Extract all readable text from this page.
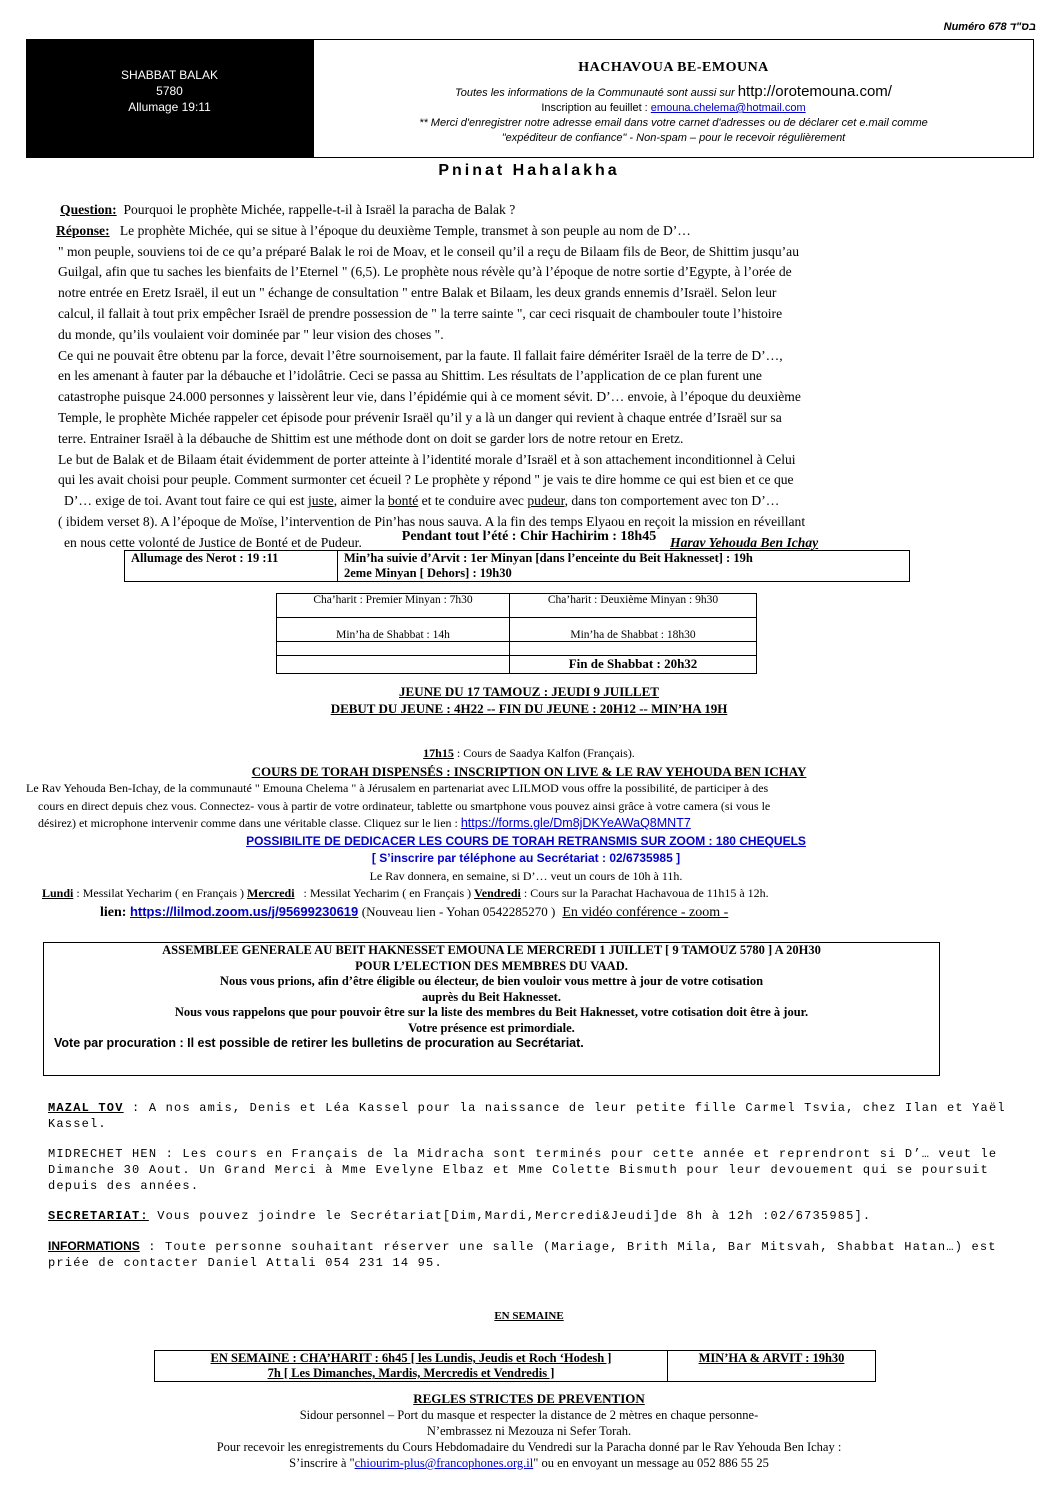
Numéro 678 בס"ד
SHABBAT BALAK
5780
Allumage 19:11
HACHAVOUA BE-EMOUNA
Toutes les informations de la Communauté sont aussi sur http://orotemouna.com/
Inscription au feuillet : emouna.chelema@hotmail.com
** Merci d'enregistrer notre adresse email dans votre carnet d'adresses ou de déclarer cet e.mail comme
"expéditeur de confiance" - Non-spam – pour le recevoir régulièrement
Pninat Hahalakha

Question: Pourquoi le prophète Michée, rappelle-t-il à Israël la paracha de Balak ?

Réponse: Le prophète Michée, qui se situe à l’époque du deuxième Temple, transmet à son peuple au nom de D’…

" mon peuple, souviens toi de ce qu’a préparé Balak le roi de Moav, et le conseil qu’il a reçu de Bilaam fils de Beor, de Shittim jusqu’au

Guilgal, afin que tu saches les bienfaits de l’Eternel " (6,5). Le prophète nous révèle qu’à l’époque de notre sortie d’Egypte, à l’orée de

notre entrée en Eretz Israël, il eut un " échange de consultation " entre Balak et Bilaam, les deux grands ennemis d’Israël. Selon leur

calcul, il fallait à tout prix empêcher Israël de prendre possession de " la terre sainte ", car ceci risquait de chambouler toute l’histoire

du monde, qu’ils voulaient voir dominée par " leur vision des choses ".

Ce qui ne pouvait être obtenu par la force, devait l’être sournoisement, par la faute. Il fallait faire démériter Israël de la terre de D’…,

en les amenant à fauter par la débauche et l’idolâtrie. Ceci se passa au Shittim. Les résultats de l’application de ce plan furent une

catastrophe puisque 24.000 personnes y laissèrent leur vie, dans l’épidémie qui à ce moment sévit. D’… envoie, à l’époque du deuxième

Temple, le prophète Michée rappeler cet épisode pour prévenir Israël qu’il y a là un danger qui revient à chaque entrée d’Israël sur sa

terre. Entrainer Israël à la débauche de Shittim est une méthode dont on doit se garder lors de notre retour en Eretz.

Le but de Balak et de Bilaam était évidemment de porter atteinte à l’identité morale d’Israël et à son attachement inconditionnel à Celui

qui les avait choisi pour peuple. Comment surmonter cet écueil ? Le prophète y répond " je vais te dire homme ce qui est bien et ce que

D’… exige de toi. Avant tout faire ce qui est juste, aimer la bonté et te conduire avec pudeur, dans ton comportement avec ton D’…

( ibidem verset 8). A l’époque de Moïse, l’intervention de Pin’has nous sauva. A la fin des temps Elyaou en reçoit la mission en réveillant

en nous cette volonté de Justice de Bonté et de Pudeur.	Harav Yehouda Ben Ichay

Pendant tout l’été : Chir Hachirim : 18h45
Allumage des Nerot : 19 :11	Min’ha suivie d’Arvit : 1er Minyan [dans l’enceinte du Beit Haknesset] : 19h
2eme Minyan [ Dehors] : 19h30
Cha’harit : Premier Minyan : 7h30	Cha’harit : Deuxième Minyan : 9h30
Min’ha de Shabbat : 14h	Min’ha de Shabbat : 18h30

	Fin de Shabbat : 20h32
JEUNE DU 17 TAMOUZ : JEUDI 9 JUILLET
DEBUT DU JEUNE : 4H22 -- FIN DU JEUNE : 20H12 -- MIN’HA 19H
17h15 : Cours de Saadya Kalfon (Français).
COURS DE TORAH DISPENSÉS : INSCRIPTION ON LIVE & LE RAV YEHOUDA BEN ICHAY
Le Rav Yehouda Ben-Ichay, de la communauté " Emouna Chelema " à Jérusalem en partenariat avec LILMOD vous offre la possibilité, de participer à des
cours en direct depuis chez vous. Connectez- vous à partir de votre ordinateur, tablette ou smartphone vous pouvez ainsi grâce à votre camera (si vous le
désirez) et microphone intervenir comme dans une véritable classe. Cliquez sur le lien : https://forms.gle/Dm8jDKYeAWaQ8MNT7
POSSIBILITE DE DEDICACER LES COURS DE TORAH RETRANSMIS SUR ZOOM : 180 CHEQUELS
[ S’inscrire par téléphone au Secrétariat : 02/6735985 ]
Le Rav donnera, en semaine, si D’… veut un cours de 10h à 11h.
Lundi : Messilat Yecharim ( en Français ) Mercredi : Messilat Yecharim ( en Français ) Vendredi : Cours sur la Parachat Hachavoua de 11h15 à 12h.
lien: https://lilmod.zoom.us/j/95699230619 (Nouveau lien - Yohan 0542285270 ) En vidéo conférence - zoom -
ASSEMBLEE GENERALE AU BEIT HAKNESSET EMOUNA LE MERCREDI 1 JUILLET [ 9 TAMOUZ 5780 ] A 20H30
POUR L’ELECTION DES MEMBRES DU VAAD.
Nous vous prions, afin d’être éligible ou électeur, de bien vouloir vous mettre à jour de votre cotisation
auprès du Beit Haknesset.
Nous vous rappelons que pour pouvoir être sur la liste des membres du Beit Haknesset, votre cotisation doit être à jour.
Votre présence est primordiale.
Vote par procuration : Il est possible de retirer les bulletins de procuration au Secrétariat.

MAZAL TOV : A nos amis, Denis et Léa Kassel pour la naissance de leur petite fille Carmel Tsvia, chez Ilan et Yaël Kassel.

MIDRECHET HEN : Les cours en Français de la Midracha sont terminés pour cette année et reprendront si D’… veut le Dimanche 30 Aout. Un Grand Merci à Mme Evelyne Elbaz et Mme Colette Bismuth pour leur devouement qui se poursuit depuis des années.

SECRETARIAT: Vous pouvez joindre le Secrétariat[Dim,Mardi,Mercredi&Jeudi]de 8h à 12h :02/6735985].

INFORMATIONS : Toute personne souhaitant réserver une salle (Mariage, Brith Mila, Bar Mitsvah, Shabbat Hatan…) est priée de contacter Daniel Attali 054 231 14 95.

EN SEMAINE
EN SEMAINE : CHA’HARIT : 6h45 [ les Lundis, Jeudis et Roch ‘Hodesh ]
7h [ Les Dimanches, Mardis, Mercredis et Vendredis ]
	MIN’HA & ARVIT : 19h30
REGLES STRICTES DE PREVENTION
Sidour personnel – Port du masque et respecter la distance de 2 mètres en chaque personne-
N’embrassez ni Mezouza ni Sefer Torah.
Pour recevoir les enregistrements du Cours Hebdomadaire du Vendredi sur la Paracha donné par le Rav Yehouda Ben Ichay :
S’inscrire à "chiourim-plus@francophones.org.il" ou en envoyant un message au 052 886 55 25
